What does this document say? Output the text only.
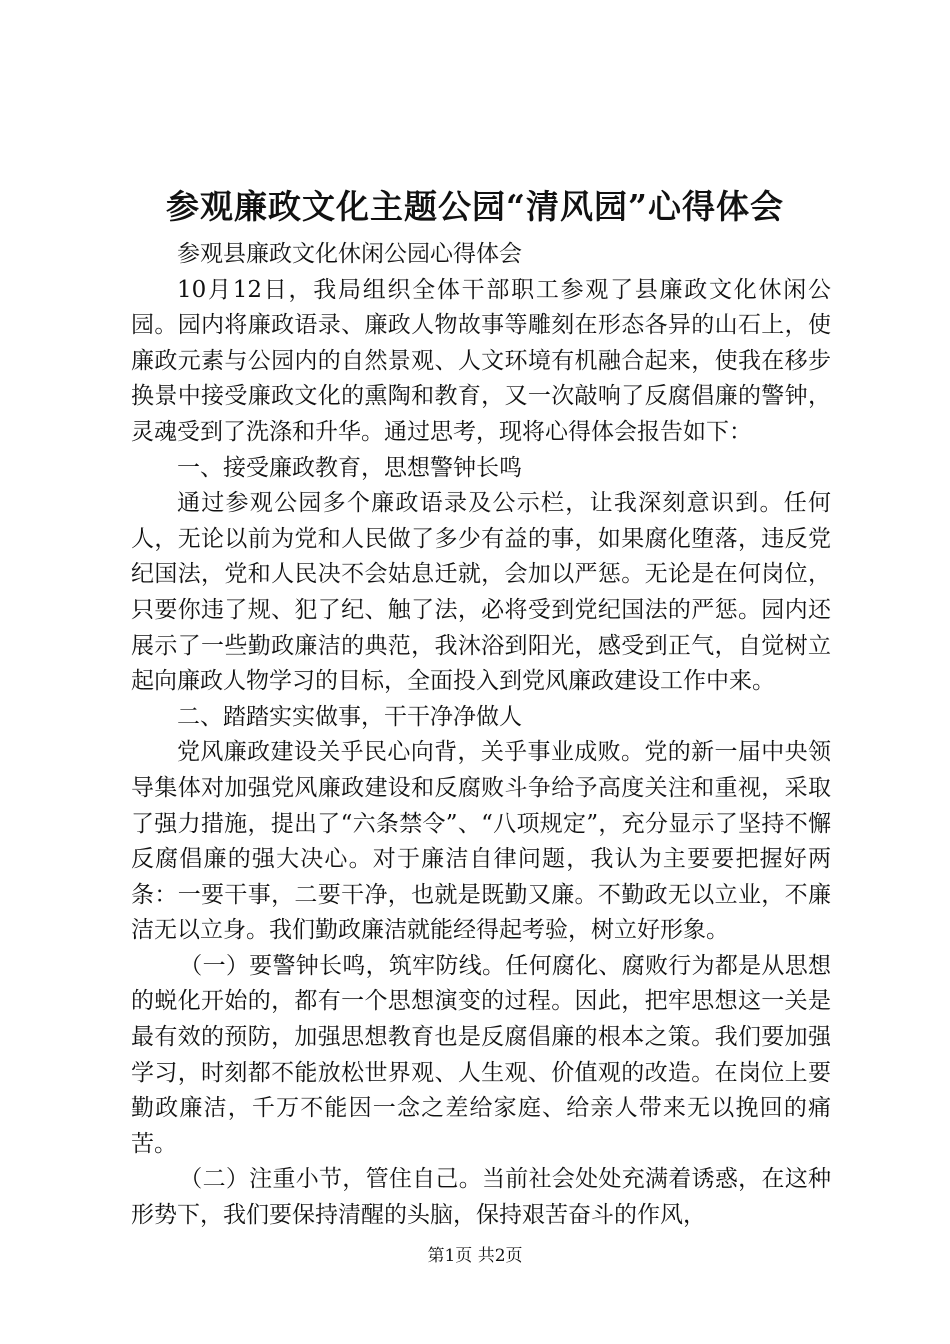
参观廉政文化主题公园“清风园”心得体会

参观县廉政文化休闲公园心得体会

10月12日，我局组织全体干部职工参观了县廉政文化休闲公园。园内将廉政语录、廉政人物故事等雕刻在形态各异的山石上，使廉政元素与公园内的自然景观、人文环境有机融合起来，使我在移步换景中接受廉政文化的熏陶和教育，又一次敲响了反腐倡廉的警钟，灵魂受到了洗涤和升华。通过思考，现将心得体会报告如下：

一、接受廉政教育，思想警钟长鸣

通过参观公园多个廉政语录及公示栏，让我深刻意识到。任何人，无论以前为党和人民做了多少有益的事，如果腐化堕落，违反党纪国法，党和人民决不会姑息迁就，会加以严惩。无论是在何岗位，只要你违了规、犯了纪、触了法，必将受到党纪国法的严惩。园内还展示了一些勤政廉洁的典范，我沐浴到阳光，感受到正气，自觉树立起向廉政人物学习的目标，全面投入到党风廉政建设工作中来。

二、踏踏实实做事，干干净净做人

党风廉政建设关乎民心向背，关乎事业成败。党的新一届中央领导集体对加强党风廉政建设和反腐败斗争给予高度关注和重视，采取了强力措施，提出了“六条禁令”、“八项规定”，充分显示了坚持不懈反腐倡廉的强大决心。对于廉洁自律问题，我认为主要要把握好两条：一要干事，二要干净，也就是既勤又廉。不勤政无以立业，不廉洁无以立身。我们勤政廉洁就能经得起考验，树立好形象。

（一）要警钟长鸣，筑牢防线。任何腐化、腐败行为都是从思想的蜕化开始的，都有一个思想演变的过程。因此，把牢思想这一关是最有效的预防，加强思想教育也是反腐倡廉的根本之策。我们要加强学习，时刻都不能放松世界观、人生观、价值观的改造。在岗位上要勤政廉洁，千万不能因一念之差给家庭、给亲人带来无以挽回的痛苦。

（二）注重小节，管住自己。当前社会处处充满着诱惑，在这种形势下，我们要保持清醒的头脑，保持艰苦奋斗的作风，

第1页 共2页
